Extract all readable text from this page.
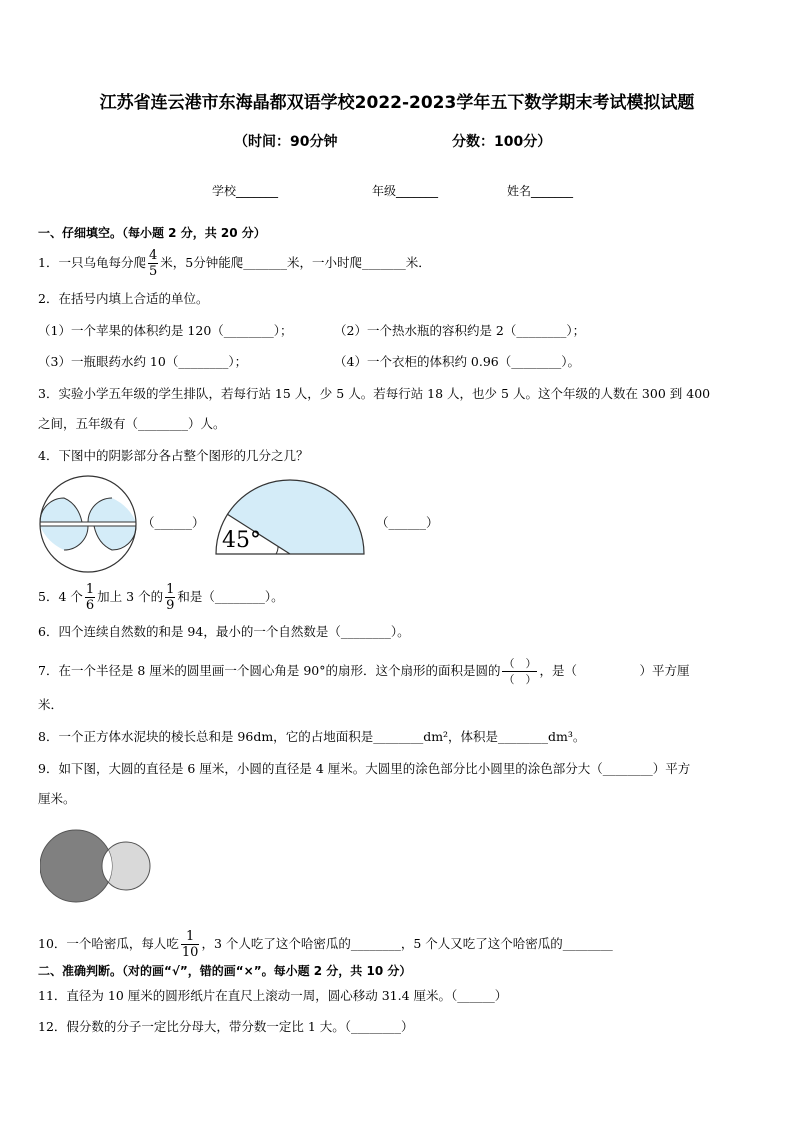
江苏省连云港市东海晶都双语学校2022-2023学年五下数学期末考试模拟试题
（时间：90分钟	分数：100分）
学校_______	年级_______	姓名_______
一、仔细填空。（每小题 2 分，共 20 分）
1．一只乌龟每分爬 $\frac{4}{5}$ 米，5分钟能爬_______米，一小时爬_______米．
2．在括号内填上合适的单位。
（1）一个苹果的体积约是 120（________）；	（2）一个热水瓶的容积约是 2（________）；
（3）一瓶眼药水约 10（________）；	（4）一个衣柜的体积约 0.96（________）。
3．实验小学五年级的学生排队，若每行站 15 人，少 5 人。若每行站 18 人，也少 5 人。这个年级的人数在 300 到 400
之间，五年级有（________）人。
4．下图中的阴影部分各占整个图形的几分之几？
（______）
45°
（______）
5．4 个 $\frac{1}{6}$ 加上 3 个的 $\frac{1}{9}$ 和是（________）。
6．四个连续自然数的和是 94，最小的一个自然数是（________）。
7．在一个半径是 8 厘米的圆里画一个圆心角是 90°的扇形．这个扇形的面积是圆的 $\frac{( )}{( )}$ ，是（　　　　　）平方厘
米．
8．一个正方体水泥块的棱长总和是 96dm，它的占地面积是________dm²，体积是________dm³。
9．如下图，大圆的直径是 6 厘米，小圆的直径是 4 厘米。大圆里的涂色部分比小圆里的涂色部分大（________）平方
厘米。
10．一个哈密瓜，每人吃 $\frac{1}{10}$ ，3 个人吃了这个哈密瓜的________，5 个人又吃了这个哈密瓜的________
二、准确判断。（对的画“√”，错的画“×”。每小题 2 分，共 10 分）
11．直径为 10 厘米的圆形纸片在直尺上滚动一周，圆心移动 31.4 厘米。（______）
12．假分数的分子一定比分母大，带分数一定比 1 大。（________）
